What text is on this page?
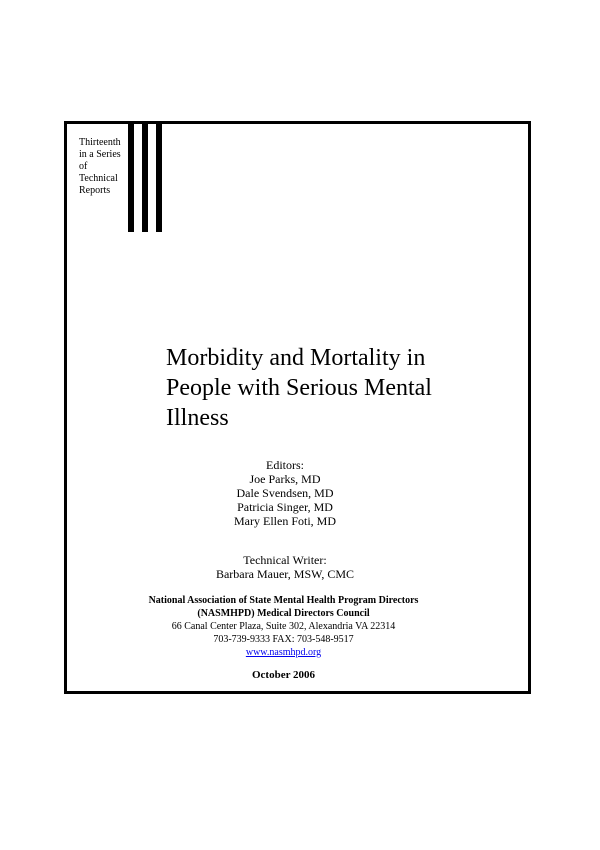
Thirteenth
in a Series
of
Technical
Reports
Morbidity and Mortality in
People with Serious Mental
Illness
Editors:
Joe Parks, MD
Dale Svendsen, MD
Patricia Singer, MD
Mary Ellen Foti, MD
Technical Writer:
Barbara Mauer, MSW, CMC
National Association of State Mental Health Program Directors
(NASMHPD) Medical Directors Council
66 Canal Center Plaza, Suite 302, Alexandria VA 22314
703-739-9333 FAX: 703-548-9517
www.nasmhpd.org
October 2006
